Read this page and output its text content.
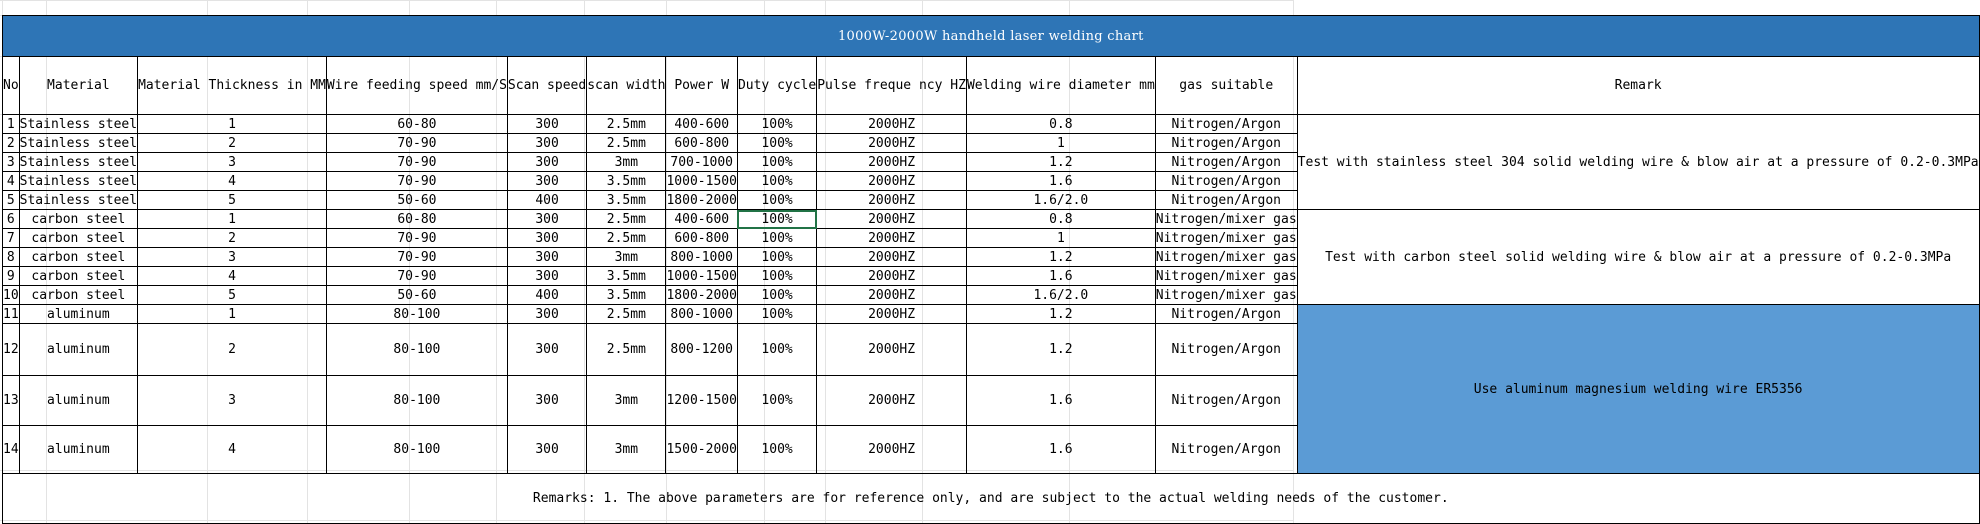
1000W-2000W handheld laser welding chart											
No	Material	Material Thickness in MM	Wire feeding speed mm/S	Scan speed	scan width	Power W	Duty cycle	Pulse freque ncy HZ	Welding wire diameter mm	gas suitable	Remark
1	Stainless steel	1	60-80	300	2.5mm	400-600	100%	2000HZ	0.8	Nitrogen/Argon	Test with stainless steel 304 solid welding wire & blow air at a pressure of 0.2-0.3MPa
2	Stainless steel	2	70-90	300	2.5mm	600-800	100%	2000HZ	1	Nitrogen/Argon	
3	Stainless steel	3	70-90	300	3mm	700-1000	100%	2000HZ	1.2	Nitrogen/Argon	
4	Stainless steel	4	70-90	300	3.5mm	1000-1500	100%	2000HZ	1.6	Nitrogen/Argon	
5	Stainless steel	5	50-60	400	3.5mm	1800-2000	100%	2000HZ	1.6/2.0	Nitrogen/Argon	
6	carbon steel	1	60-80	300	2.5mm	400-600	100%	2000HZ	0.8	Nitrogen/mixer gas	Test with carbon steel solid welding wire & blow air at a pressure of 0.2-0.3MPa
7	carbon steel	2	70-90	300	2.5mm	600-800	100%	2000HZ	1	Nitrogen/mixer gas	
8	carbon steel	3	70-90	300	3mm	800-1000	100%	2000HZ	1.2	Nitrogen/mixer gas	
9	carbon steel	4	70-90	300	3.5mm	1000-1500	100%	2000HZ	1.6	Nitrogen/mixer gas	
10	carbon steel	5	50-60	400	3.5mm	1800-2000	100%	2000HZ	1.6/2.0	Nitrogen/mixer gas	
11	aluminum	1	80-100	300	2.5mm	800-1000	100%	2000HZ	1.2	Nitrogen/Argon	Use aluminum magnesium welding wire ER5356
12	aluminum	2	80-100	300	2.5mm	800-1200	100%	2000HZ	1.2	Nitrogen/Argon	
13	aluminum	3	80-100	300	3mm	1200-1500	100%	2000HZ	1.6	Nitrogen/Argon	
14	aluminum	4	80-100	300	3mm	1500-2000	100%	2000HZ	1.6	Nitrogen/Argon	
Remarks: 1. The above parameters are for reference only, and are subject to the actual welding needs of the customer.											
